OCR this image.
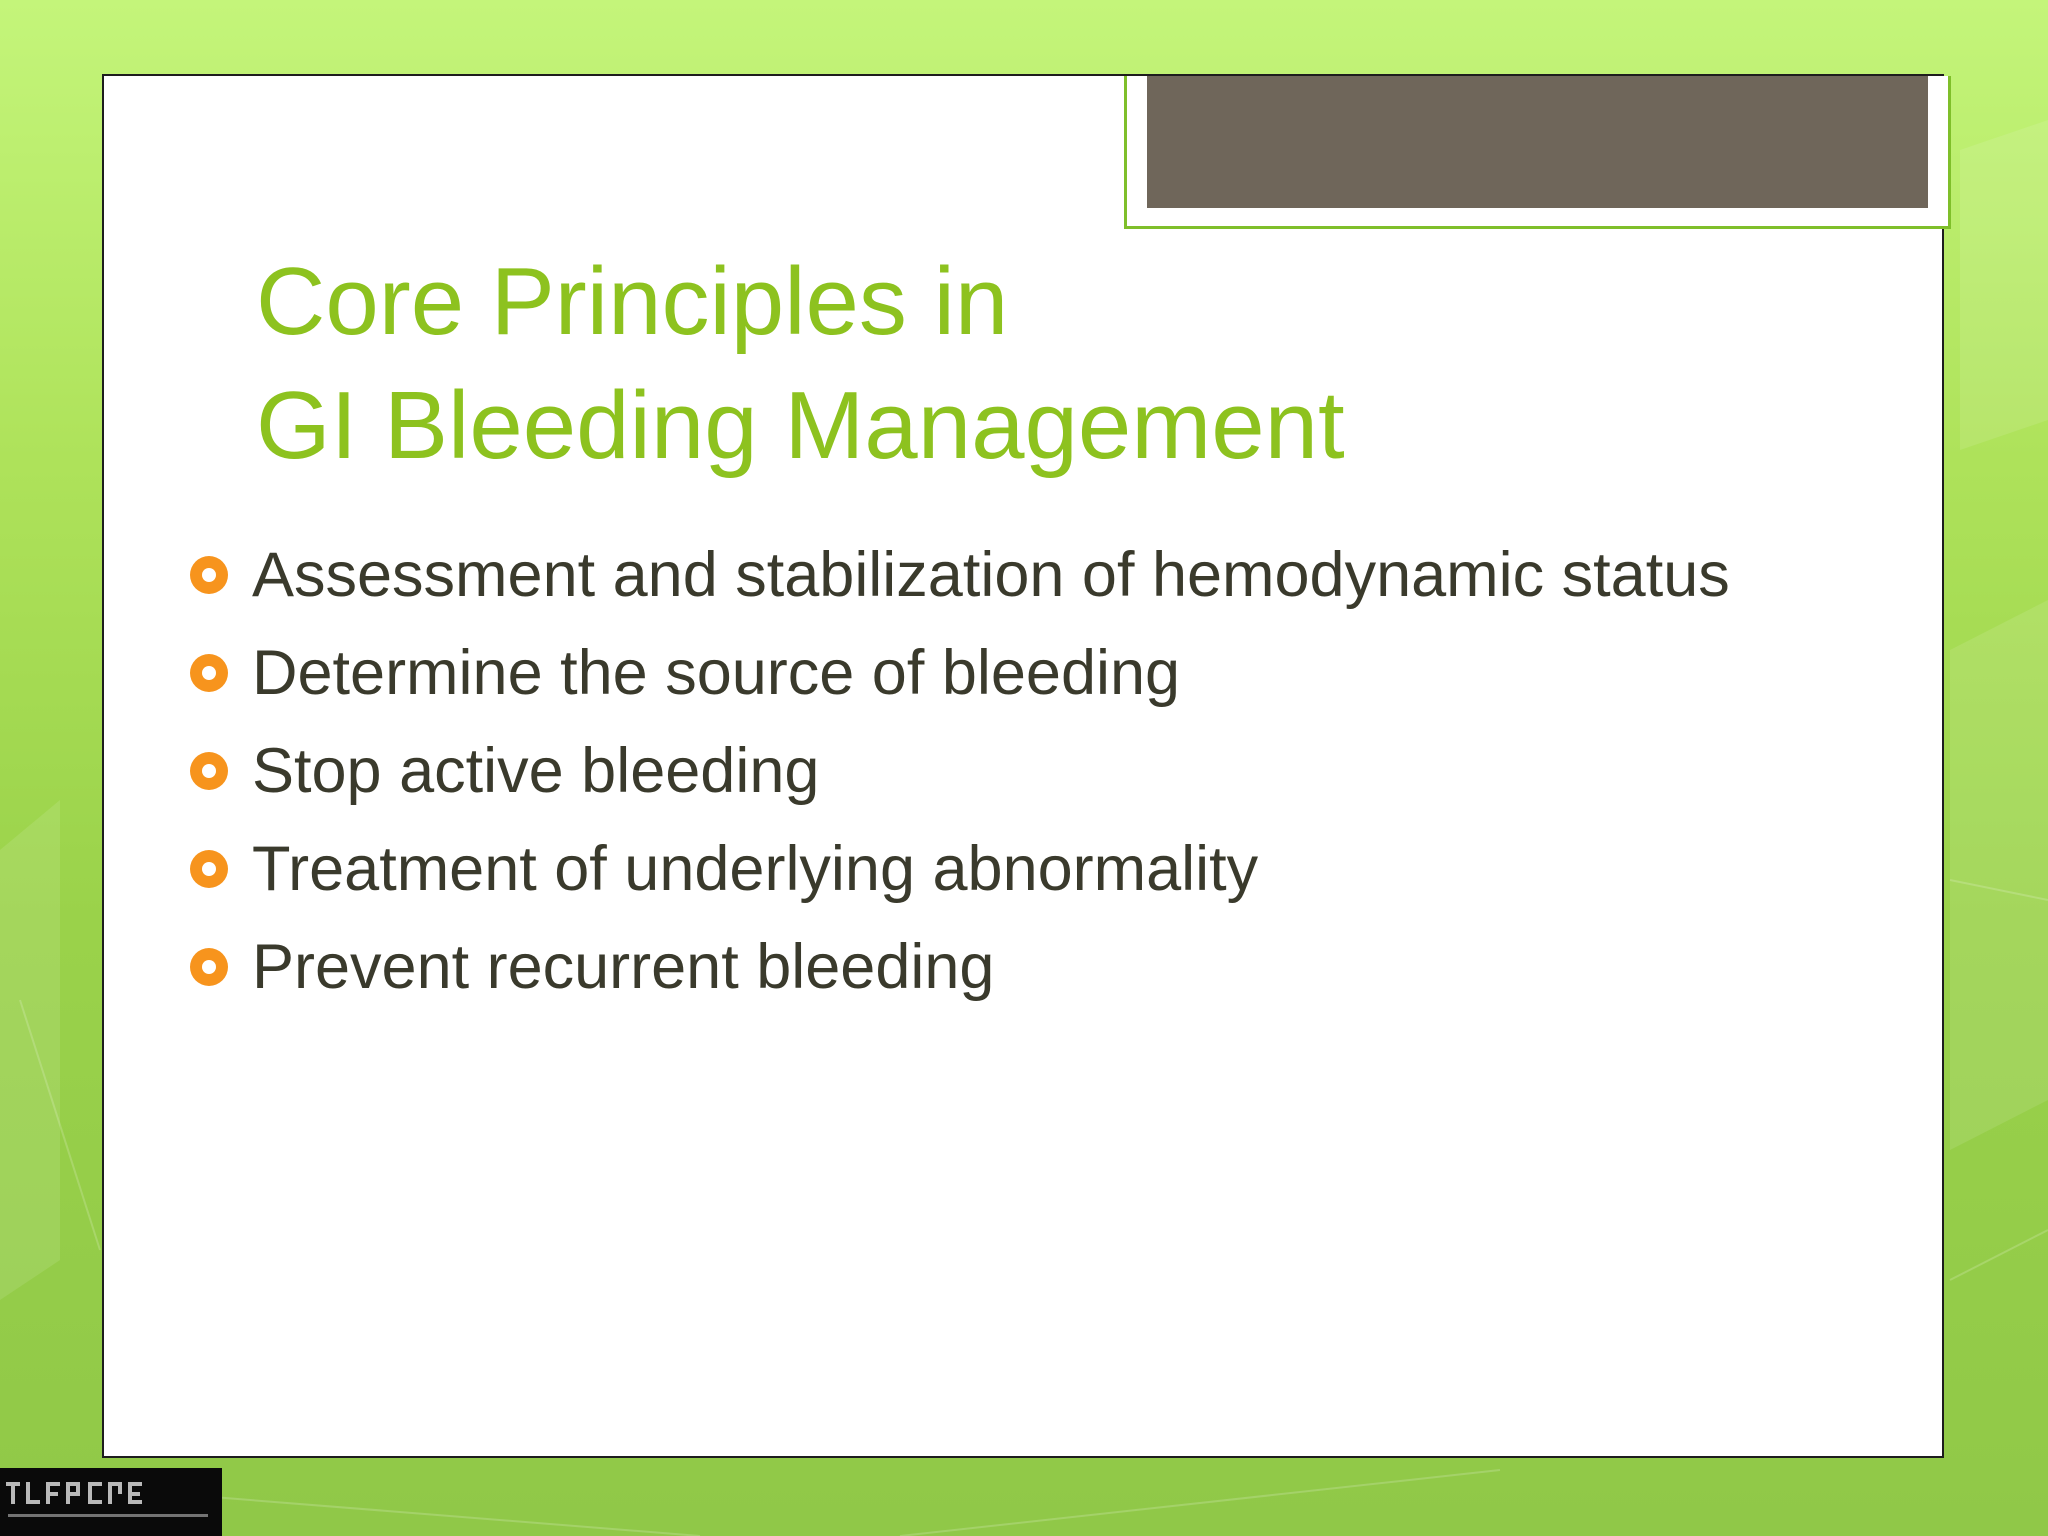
Core Principles in
GI Bleeding Management
Assessment and stabilization of hemodynamic status
Determine the source of bleeding
Stop active bleeding
Treatment of underlying abnormality
Prevent recurrent bleeding
